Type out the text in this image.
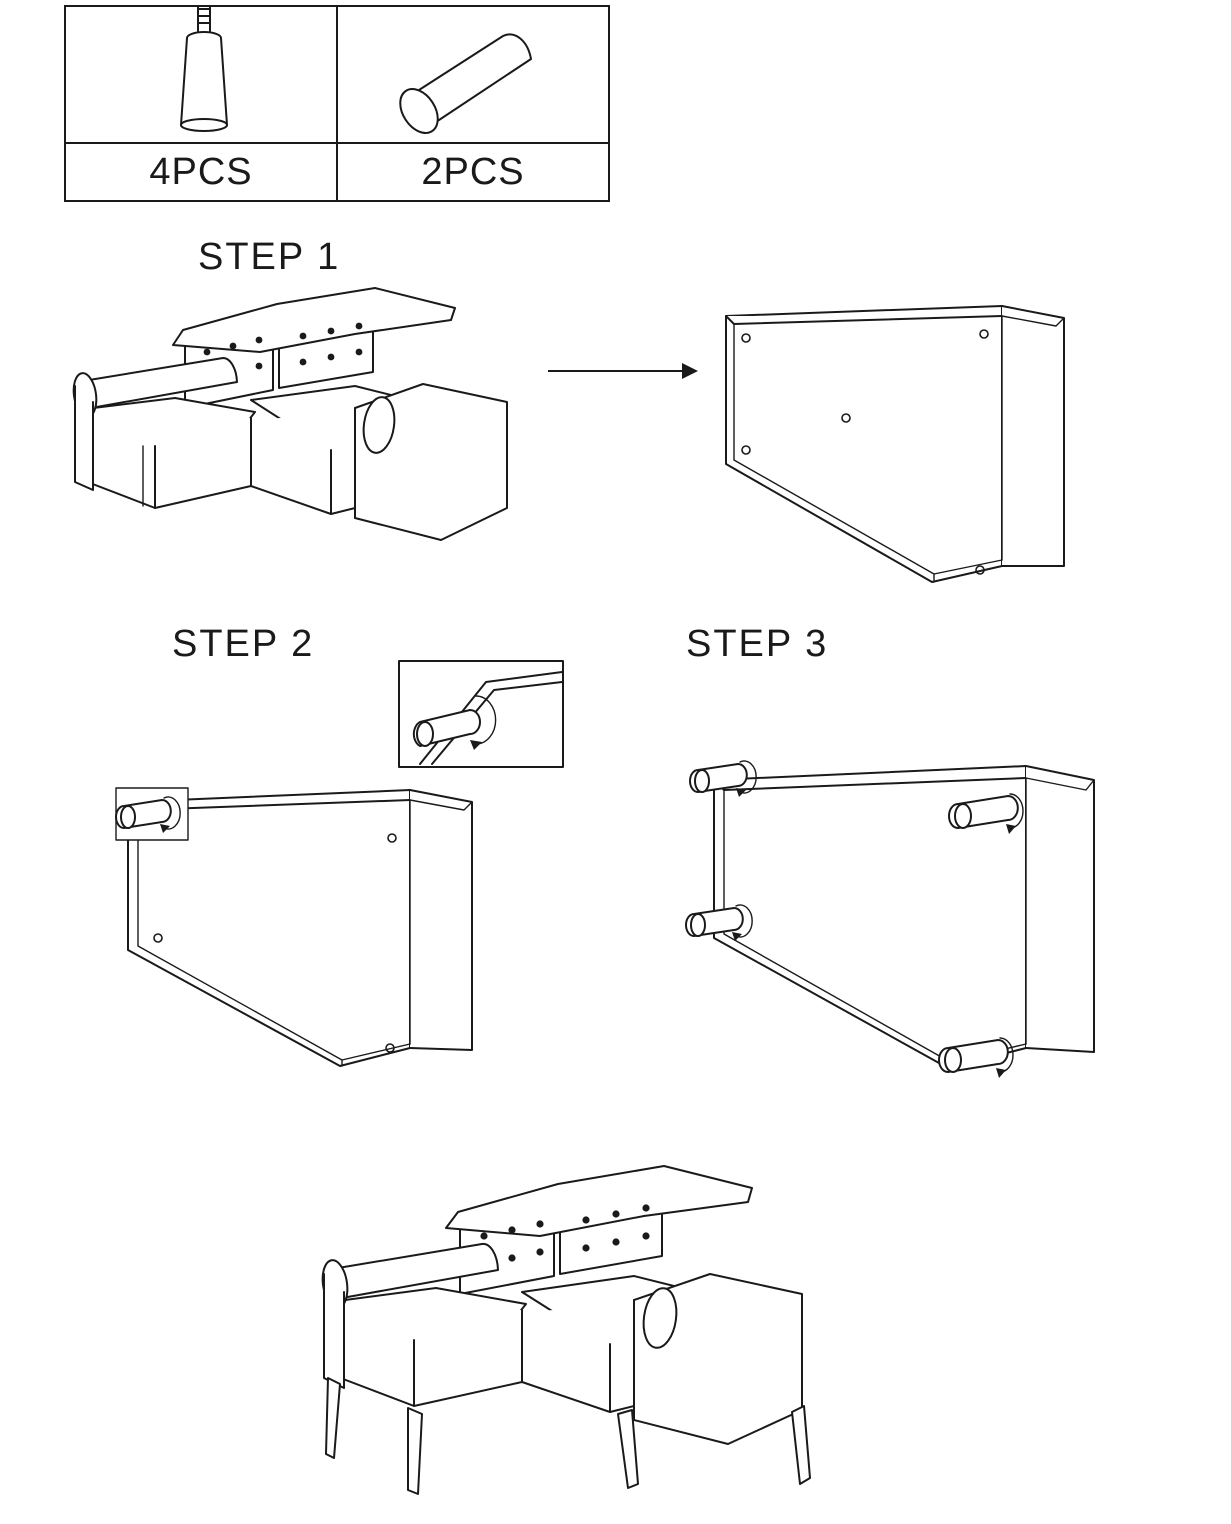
4PCS	2PCS
STEP 1
STEP 2	STEP 3
